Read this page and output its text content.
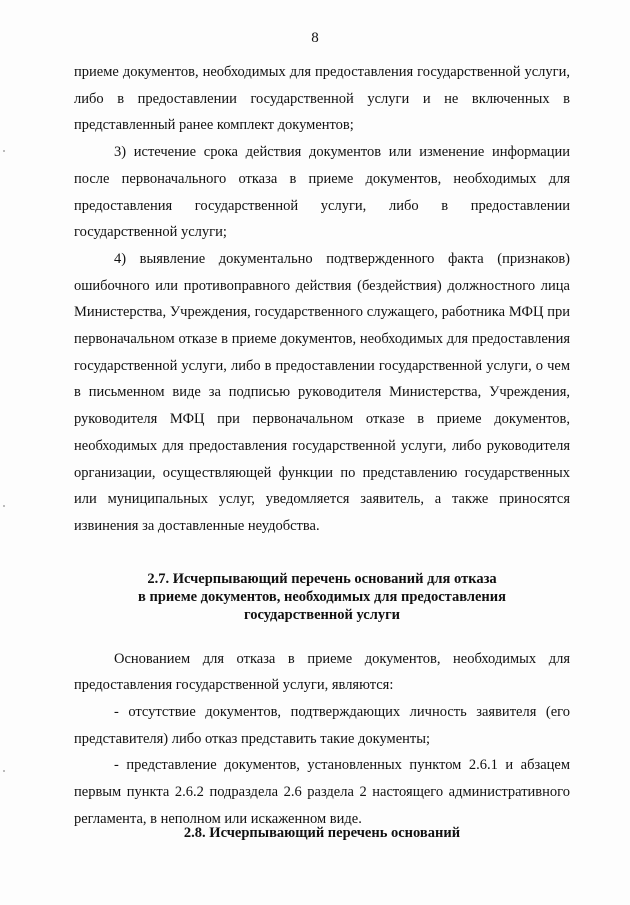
8

приеме документов, необходимых для предоставления государственной услуги, либо в предоставлении государственной услуги и не включенных в представленный ранее комплект документов;

3) истечение срока действия документов или изменение информации после первоначального отказа в приеме документов, необходимых для предоставления государственной услуги, либо в предоставлении государственной услуги;

4) выявление документально подтвержденного факта (признаков) ошибочного или противоправного действия (бездействия) должностного лица Министерства, Учреждения, государственного служащего, работника МФЦ при первоначальном отказе в приеме документов, необходимых для предоставления государственной услуги, либо в предоставлении государственной услуги, о чем в письменном виде за подписью руководителя Министерства, Учреждения, руководителя МФЦ при первоначальном отказе в приеме документов, необходимых для предоставления государственной услуги, либо руководителя организации, осуществляющей функции по представлению государственных или муниципальных услуг, уведомляется заявитель, а также приносятся извинения за доставленные неудобства.

2.7. Исчерпывающий перечень оснований для отказа
в приеме документов, необходимых для предоставления
государственной услуги

Основанием для отказа в приеме документов, необходимых для предоставления государственной услуги, являются:

- отсутствие документов, подтверждающих личность заявителя (его представителя) либо отказ представить такие документы;

- представление документов, установленных пунктом 2.6.1 и абзацем первым пункта 2.6.2 подраздела 2.6 раздела 2 настоящего административного регламента, в неполном или искаженном виде.

2.8. Исчерпывающий перечень оснований
